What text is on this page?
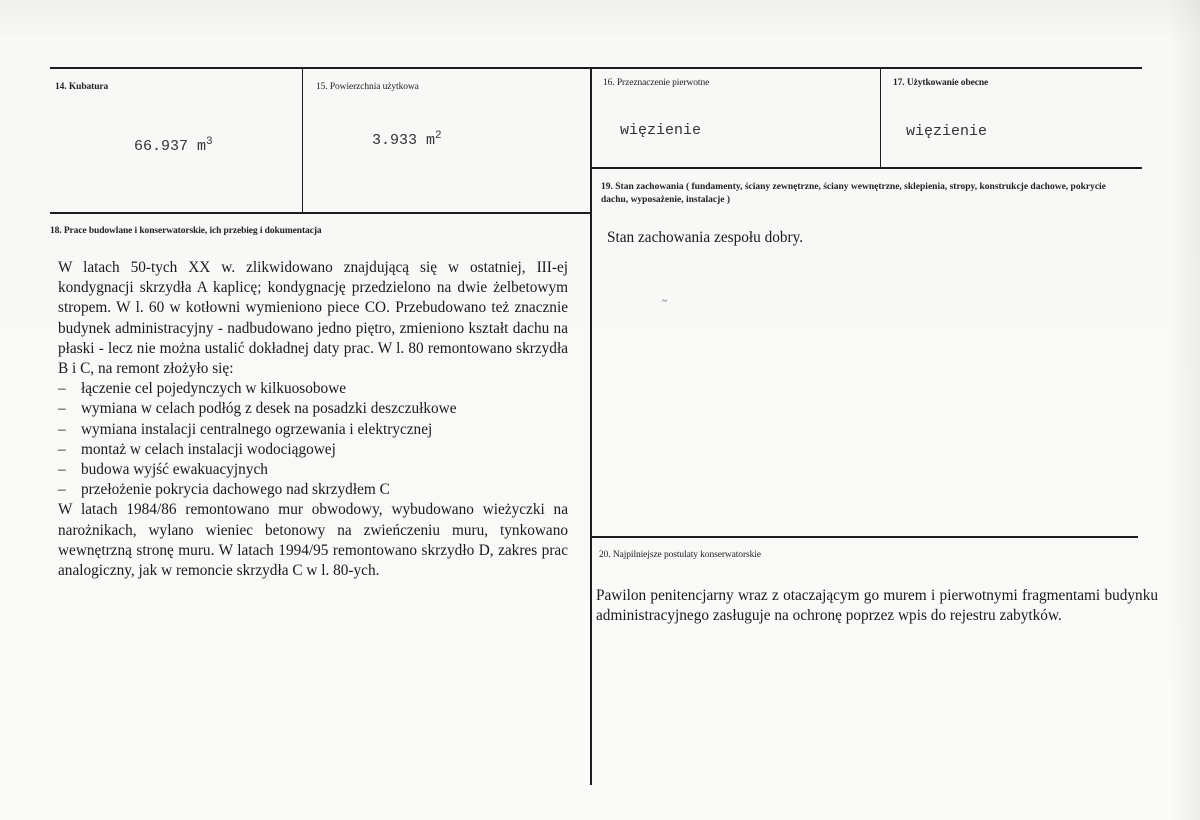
14. Kubatura
66.937 $m^3$
15. Powierzchnia użytkowa
3.933 $m^2$
16. Przeznaczenie pierwotne
więzienie
17. Użytkowanie obecne
więzienie
18. Prace budowlane i konserwatorskie, ich przebieg i dokumentacja
W latach 50-tych XX w. zlikwidowano znajdującą się w ostatniej, III-ej kondygnacji skrzydła A kaplicę; kondygnację przedzielono na dwie żelbetowym stropem. W l. 60 w kotłowni wymieniono piece CO. Przebudowano też znacznie budynek administracyjny - nadbudowano jedno piętro, zmieniono kształt dachu na płaski - lecz nie można ustalić dokładnej daty prac. W l. 80 remontowano skrzydła B i C, na remont złożyło się:
– łączenie cel pojedynczych w kilkuosobowe
– wymiana w celach podłóg z desek na posadzki deszczułkowe
– wymiana instalacji centralnego ogrzewania i elektrycznej
– montaż w celach instalacji wodociągowej
– budowa wyjść ewakuacyjnych
– przełożenie pokrycia dachowego nad skrzydłem C
W latach 1984/86 remontowano mur obwodowy, wybudowano wieżyczki na narożnikach, wylano wieniec betonowy na zwieńczeniu muru, tynkowano wewnętrzną stronę muru. W latach 1994/95 remontowano skrzydło D, zakres prac analogiczny, jak w remoncie skrzydła C w l. 80-ych.
19. Stan zachowania ( fundamenty, ściany zewnętrzne, ściany wewnętrzne, sklepienia, stropy, konstrukcje dachowe, pokrycie dachu, wyposażenie, instalacje )
Stan zachowania zespołu dobry.
~
20. Najpilniejsze postulaty konserwatorskie
Pawilon penitencjarny wraz z otaczającym go murem i pierwotnymi fragmentami budynku administracyjnego zasługuje na ochronę poprzez wpis do rejestru zabytków.
